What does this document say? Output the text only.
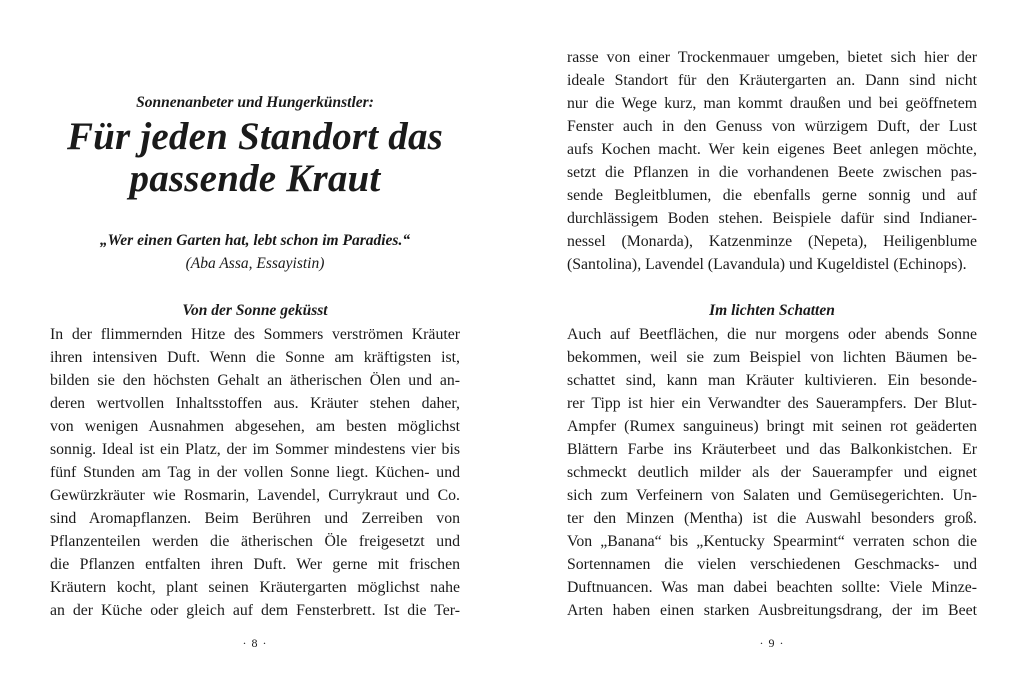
Sonnenanbeter und Hungerkünstler:
Für jeden Standort das
passende Kraut
„Wer einen Garten hat, lebt schon im Paradies.“
(Aba Assa, Essayistin)
Von der Sonne geküsst
In der flimmernden Hitze des Sommers verströmen Kräuter
ihren intensiven Duft. Wenn die Sonne am kräftigsten ist,
bilden sie den höchsten Gehalt an ätherischen Ölen und an-
deren wertvollen Inhaltsstoffen aus. Kräuter stehen daher,
von wenigen Ausnahmen abgesehen, am besten möglichst
sonnig. Ideal ist ein Platz, der im Sommer mindestens vier bis
fünf Stunden am Tag in der vollen Sonne liegt. Küchen- und
Gewürzkräuter wie Rosmarin, Lavendel, Currykraut und Co.
sind Aromapflanzen. Beim Berühren und Zerreiben von
Pflanzenteilen werden die ätherischen Öle freigesetzt und
die Pflanzen entfalten ihren Duft. Wer gerne mit frischen
Kräutern kocht, plant seinen Kräutergarten möglichst nahe
an der Küche oder gleich auf dem Fensterbrett. Ist die Ter-
· 8 ·
rasse von einer Trockenmauer umgeben, bietet sich hier der
ideale Standort für den Kräutergarten an. Dann sind nicht
nur die Wege kurz, man kommt draußen und bei geöffnetem
Fenster auch in den Genuss von würzigem Duft, der Lust
aufs Kochen macht. Wer kein eigenes Beet anlegen möchte,
setzt die Pflanzen in die vorhandenen Beete zwischen pas-
sende Begleitblumen, die ebenfalls gerne sonnig und auf
durchlässigem Boden stehen. Beispiele dafür sind Indianer-
nessel (Monarda), Katzenminze (Nepeta), Heiligenblume
(Santolina), Lavendel (Lavandula) und Kugeldistel (Echinops).
Im lichten Schatten
Auch auf Beetflächen, die nur morgens oder abends Sonne
bekommen, weil sie zum Beispiel von lichten Bäumen be-
schattet sind, kann man Kräuter kultivieren. Ein besonde-
rer Tipp ist hier ein Verwandter des Sauerampfers. Der Blut-
Ampfer (Rumex sanguineus) bringt mit seinen rot geäderten
Blättern Farbe ins Kräuterbeet und das Balkonkistchen. Er
schmeckt deutlich milder als der Sauerampfer und eignet
sich zum Verfeinern von Salaten und Gemüsegerichten. Un-
ter den Minzen (Mentha) ist die Auswahl besonders groß.
Von „Banana“ bis „Kentucky Spearmint“ verraten schon die
Sortennamen die vielen verschiedenen Geschmacks- und
Duftnuancen. Was man dabei beachten sollte: Viele Minze-
Arten haben einen starken Ausbreitungsdrang, der im Beet
· 9 ·
